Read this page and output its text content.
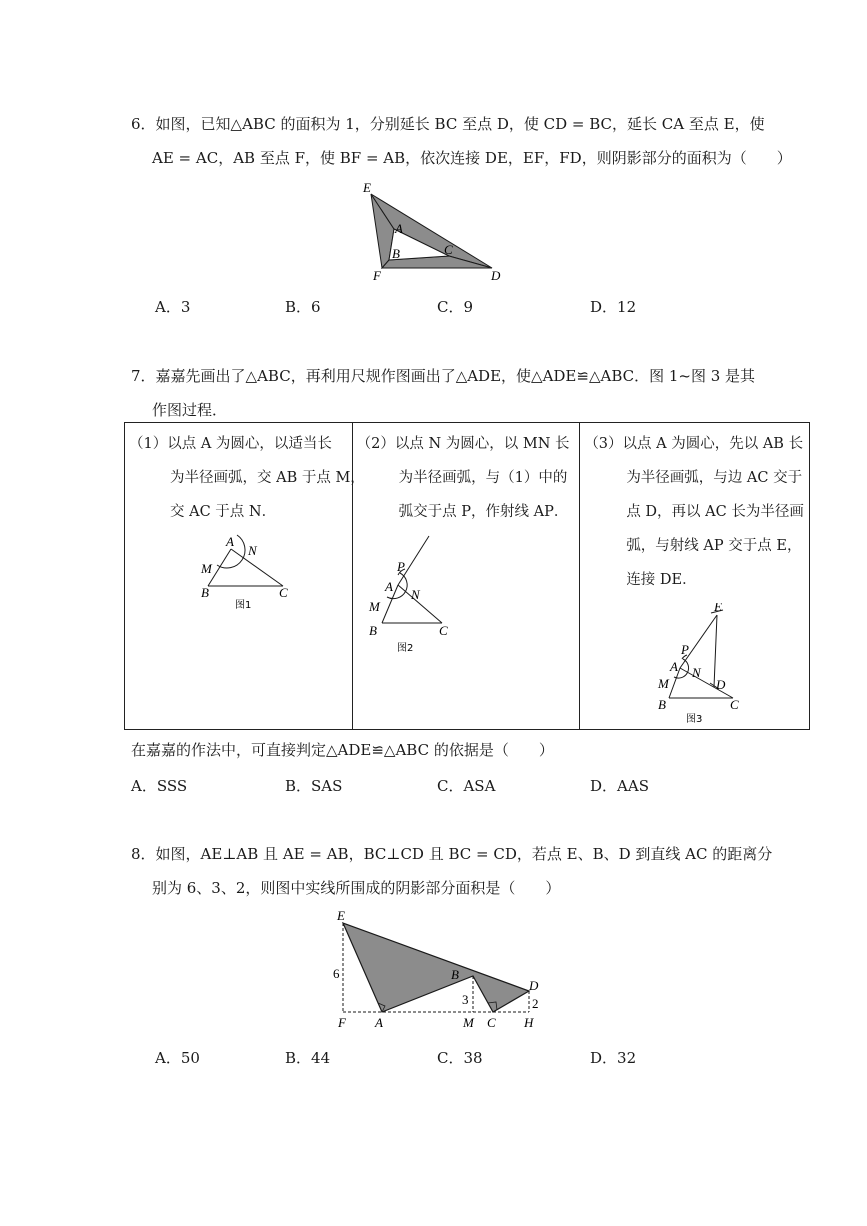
6．如图，已知△ABC 的面积为 1，分别延长 BC 至点 D，使 CD = BC，延长 CA 至点 E，使
AE = AC，AB 至点 F，使 BF = AB，依次连接 DE，EF，FD，则阴影部分的面积为（　　）
E
A
C
B
F	D
A．3	B．6	C．9	D．12
7．嘉嘉先画出了△ABC，再利用尺规作图画出了△ADE，使△ADE≌△ABC．图 1~图 3 是其
作图过程．
（1）以点 A 为圆心，以适当长
为半径画弧，交 AB 于点 M，
交 AC 于点 N．
A
N
M
B	C
图1

（2）以点 N 为圆心，以 MN 长
为半径画弧，与（1）中的
弧交于点 P，作射线 AP．
P
A
N
M
B	C
图2

（3）以点 A 为圆心，先以 AB 长
为半径画弧，与边 AC 交于
点 D，再以 AC 长为半径画
弧，与射线 AP 交于点 E，
连接 DE．
E
P
A N
M	D
B	C
图3
在嘉嘉的作法中，可直接判定△ADE≌△ABC 的依据是（　　）
A．SSS	B．SAS	C．ASA	D．AAS
8．如图，AE⊥AB 且 AE = AB，BC⊥CD 且 BC = CD，若点 E、B、D 到直线 AC 的距离分
别为 6、3、2，则图中实线所围成的阴影部分面积是（　　）
E
B
D
6
3	2
F A	M C H
A．50	B．44	C．38	D．32
